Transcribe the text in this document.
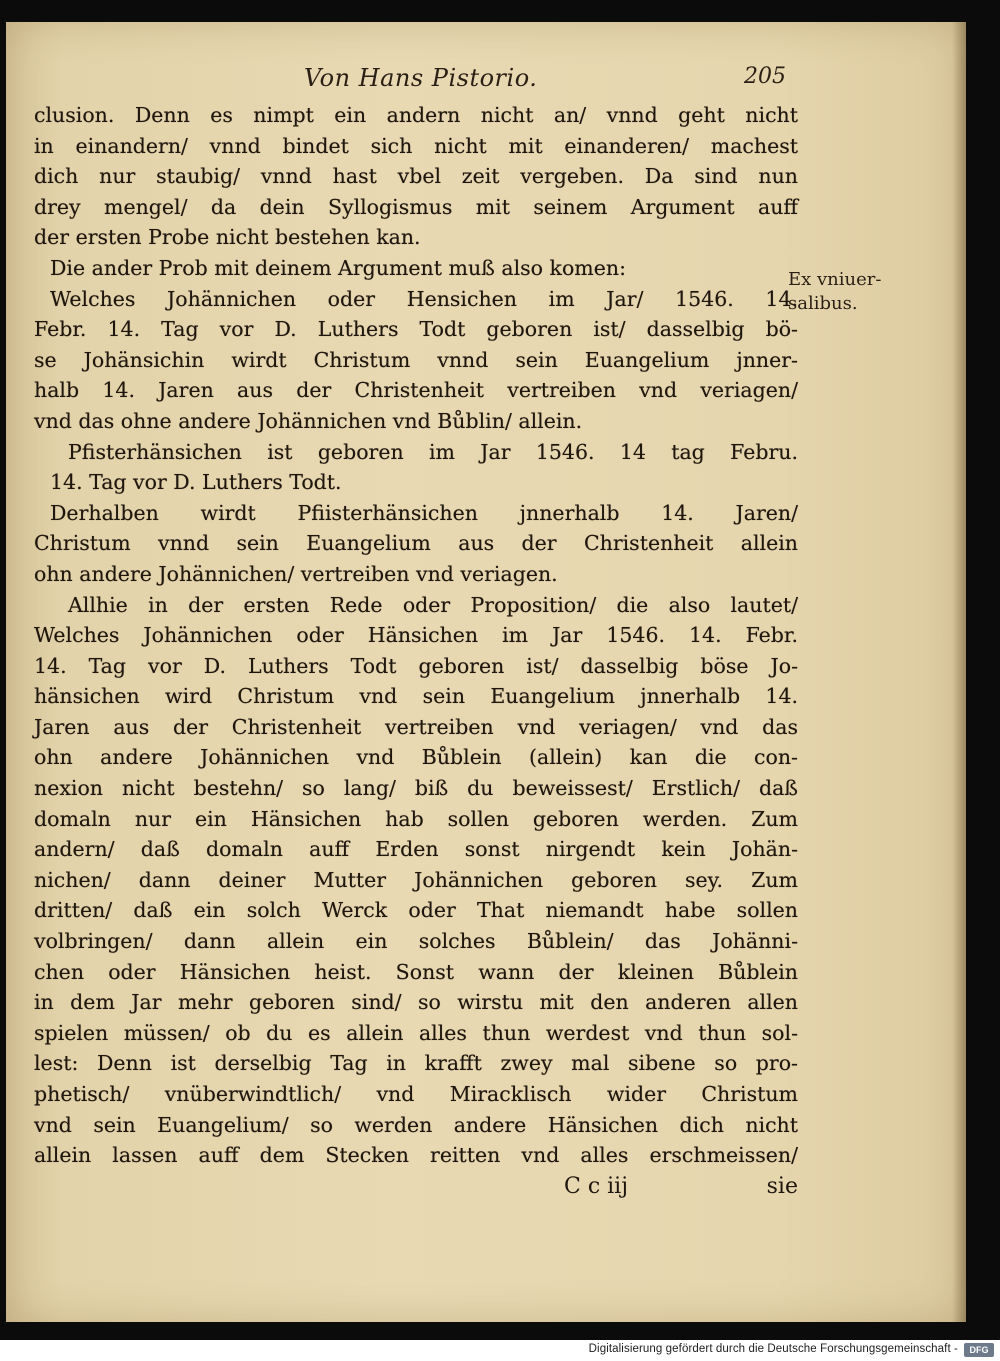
Von Hans Pistorio.	205
clusion. Denn es nimpt ein andern nicht an/ vnnd geht nicht
in einandern/ vnnd bindet sich nicht mit einanderen/ machest
dich nur staubig/ vnnd hast vbel zeit vergeben. Da sind nun
drey mengel/ da dein Syllogismus mit seinem Argument auff
der ersten Probe nicht bestehen kan.
Die ander Prob mit deinem Argument muß also komen:
Welches Johännichen oder Hensichen im Jar/ 1546. 14.
Febr. 14. Tag vor D. Luthers Todt geboren ist/ dasselbig bö-
se Johänsichin wirdt Christum vnnd sein Euangelium jnner-
halb 14. Jaren aus der Christenheit vertreiben vnd veriagen/
vnd das ohne andere Johännichen vnd Bůblin/ allein.
Pfisterhänsichen ist geboren im Jar 1546. 14 tag Febru.
14. Tag vor D. Luthers Todt.
Derhalben wirdt Pfiisterhänsichen jnnerhalb 14. Jaren/
Christum vnnd sein Euangelium aus der Christenheit allein
ohn andere Johännichen/ vertreiben vnd veriagen.
Allhie in der ersten Rede oder Proposition/ die also lautet/
Welches Johännichen oder Hänsichen im Jar 1546. 14. Febr.
14. Tag vor D. Luthers Todt geboren ist/ dasselbig böse Jo-
hänsichen wird Christum vnd sein Euangelium jnnerhalb 14.
Jaren aus der Christenheit vertreiben vnd veriagen/ vnd das
ohn andere Johännichen vnd Bůblein (allein) kan die con-
nexion nicht bestehn/ so lang/ biß du beweissest/ Erstlich/ daß
domaln nur ein Hänsichen hab sollen geboren werden. Zum
andern/ daß domaln auff Erden sonst nirgendt kein Johän-
nichen/ dann deiner Mutter Johännichen geboren sey. Zum
dritten/ daß ein solch Werck oder That niemandt habe sollen
volbringen/ dann allein ein solches Bůblein/ das Johänni-
chen oder Hänsichen heist. Sonst wann der kleinen Bůblein
in dem Jar mehr geboren sind/ so wirstu mit den anderen allen
spielen müssen/ ob du es allein alles thun werdest vnd thun sol-
lest: Denn ist derselbig Tag in krafft zwey mal sibene so pro-
phetisch/ vnüberwindtlich/ vnd Miracklisch wider Christum
vnd sein Euangelium/ so werden andere Hänsichen dich nicht
allein lassen auff dem Stecken reitten vnd alles erschmeissen/
Ex vniuer-
salibus.
C c iij	sie
Digitalisierung gefördert durch die Deutsche Forschungsgemeinschaft -	DFG
